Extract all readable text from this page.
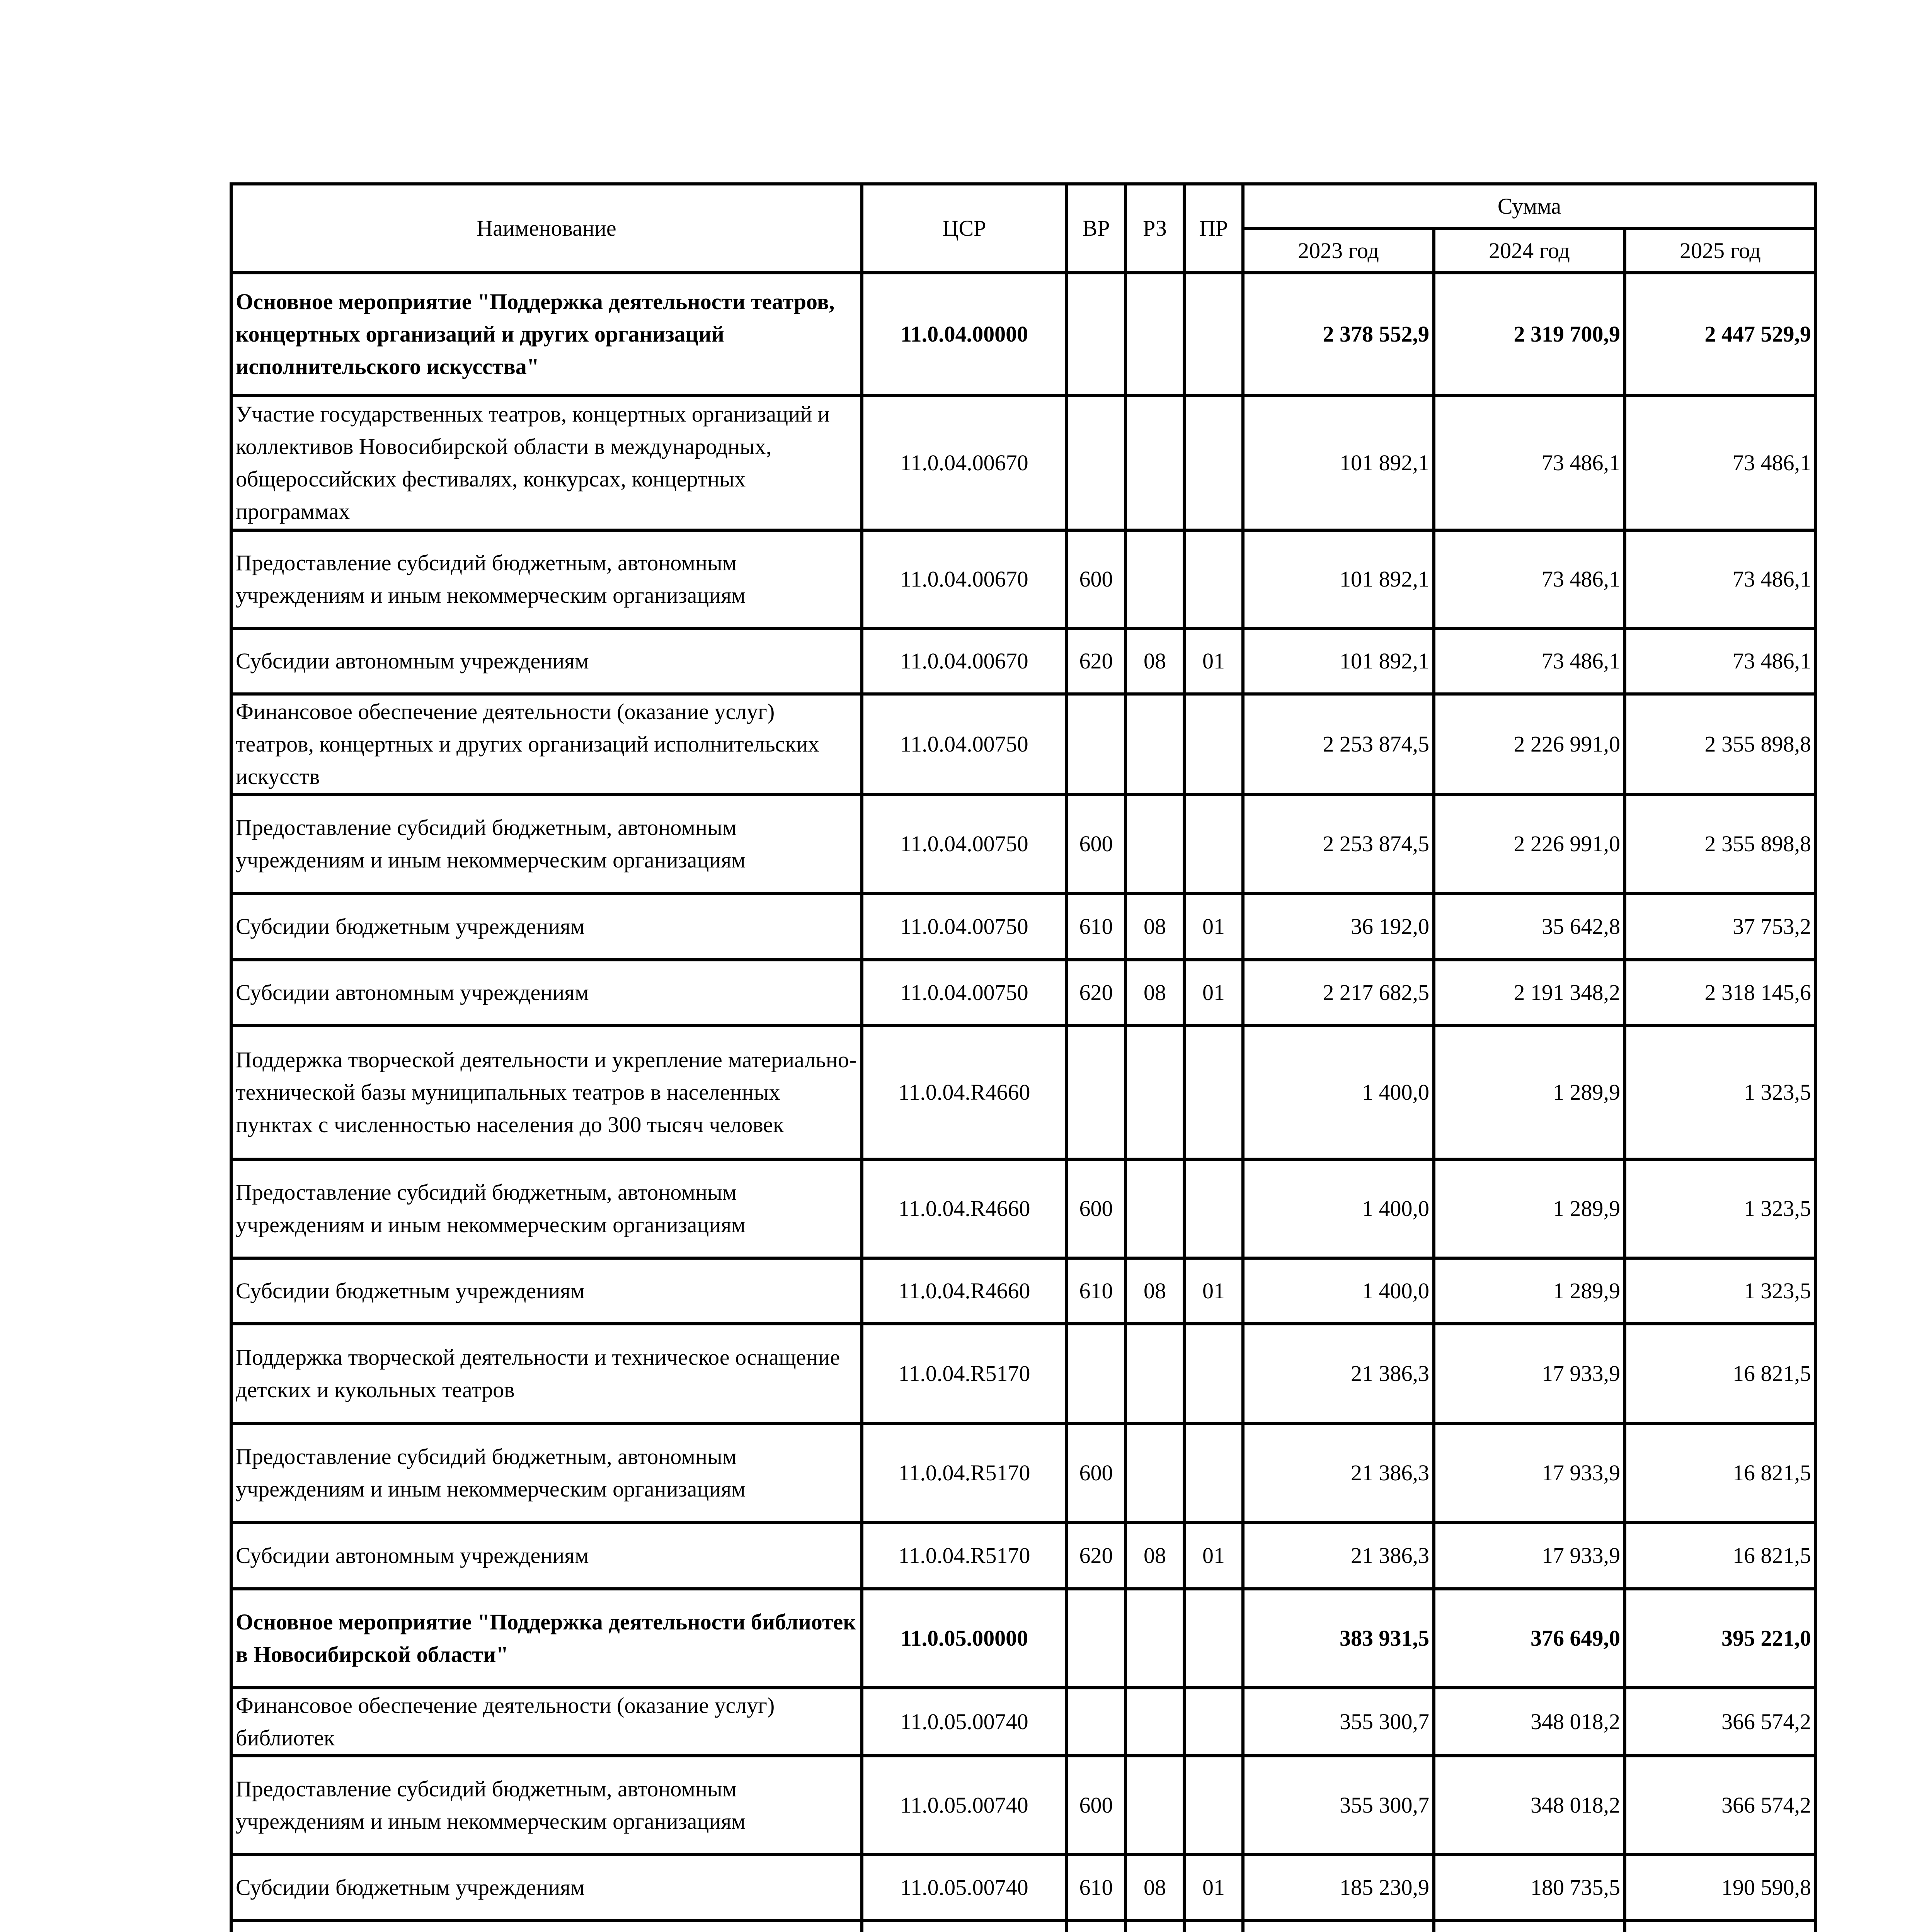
Наименование	ЦСР	ВР	РЗ	ПР	Сумма		
					2023 год	2024 год	2025 год
Основное мероприятие "Поддержка деятельности театров, концертных организаций и других организаций исполнительского искусства"	11.0.04.00000				2 378 552,9	2 319 700,9	2 447 529,9
Участие государственных театров, концертных организаций и коллективов Новосибирской области в международных, общероссийских фестивалях, конкурсах, концертных программах	11.0.04.00670				101 892,1	73 486,1	73 486,1
Предоставление субсидий бюджетным, автономным учреждениям и иным некоммерческим организациям	11.0.04.00670	600			101 892,1	73 486,1	73 486,1
Субсидии автономным учреждениям	11.0.04.00670	620	08	01	101 892,1	73 486,1	73 486,1
Финансовое обеспечение деятельности (оказание услуг) театров, концертных и других организаций исполнительских искусств	11.0.04.00750				2 253 874,5	2 226 991,0	2 355 898,8
Предоставление субсидий бюджетным, автономным учреждениям и иным некоммерческим организациям	11.0.04.00750	600			2 253 874,5	2 226 991,0	2 355 898,8
Субсидии бюджетным учреждениям	11.0.04.00750	610	08	01	36 192,0	35 642,8	37 753,2
Субсидии автономным учреждениям	11.0.04.00750	620	08	01	2 217 682,5	2 191 348,2	2 318 145,6
Поддержка творческой деятельности и укрепление материально-технической базы муниципальных театров в населенных пунктах с численностью населения до 300 тысяч человек	11.0.04.R4660				1 400,0	1 289,9	1 323,5
Предоставление субсидий бюджетным, автономным учреждениям и иным некоммерческим организациям	11.0.04.R4660	600			1 400,0	1 289,9	1 323,5
Субсидии бюджетным учреждениям	11.0.04.R4660	610	08	01	1 400,0	1 289,9	1 323,5
Поддержка творческой деятельности и техническое оснащение детских и кукольных театров	11.0.04.R5170				21 386,3	17 933,9	16 821,5
Предоставление субсидий бюджетным, автономным учреждениям и иным некоммерческим организациям	11.0.04.R5170	600			21 386,3	17 933,9	16 821,5
Субсидии автономным учреждениям	11.0.04.R5170	620	08	01	21 386,3	17 933,9	16 821,5
Основное мероприятие "Поддержка деятельности библиотек в Новосибирской области"	11.0.05.00000				383 931,5	376 649,0	395 221,0
Финансовое обеспечение деятельности (оказание услуг) библиотек	11.0.05.00740				355 300,7	348 018,2	366 574,2
Предоставление субсидий бюджетным, автономным учреждениям и иным некоммерческим организациям	11.0.05.00740	600			355 300,7	348 018,2	366 574,2
Субсидии бюджетным учреждениям	11.0.05.00740	610	08	01	185 230,9	180 735,5	190 590,8
